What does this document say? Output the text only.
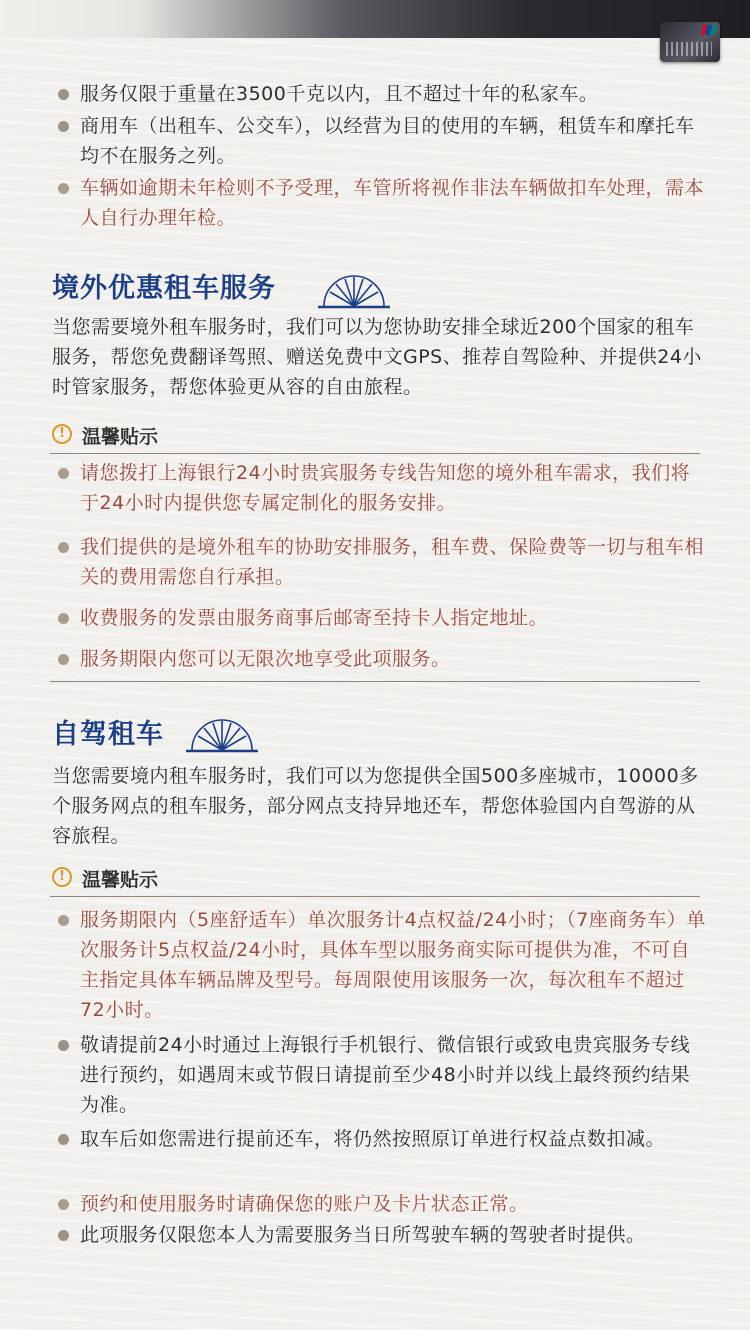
服务仅限于重量在3500千克以内，且不超过十年的私家车。
商用车（出租车、公交车），以经营为目的使用的车辆，租赁车和摩托车均不在服务之列。
车辆如逾期未年检则不予受理，车管所将视作非法车辆做扣车处理，需本人自行办理年检。
境外优惠租车服务
当您需要境外租车服务时，我们可以为您协助安排全球近200个国家的租车服务，帮您免费翻译驾照、赠送免费中文GPS、推荐自驾险种、并提供24小时管家服务，帮您体验更从容的自由旅程。
! 温馨贴示
请您拨打上海银行24小时贵宾服务专线告知您的境外租车需求，我们将于24小时内提供您专属定制化的服务安排。
我们提供的是境外租车的协助安排服务，租车费、保险费等一切与租车相关的费用需您自行承担。
收费服务的发票由服务商事后邮寄至持卡人指定地址。
服务期限内您可以无限次地享受此项服务。
自驾租车
当您需要境内租车服务时，我们可以为您提供全国500多座城市，10000多个服务网点的租车服务，部分网点支持异地还车，帮您体验国内自驾游的从容旅程。
! 温馨贴示
服务期限内（5座舒适车）单次服务计4点权益/24小时；（7座商务车）单次服务计5点权益/24小时，具体车型以服务商实际可提供为准，不可自主指定具体车辆品牌及型号。每周限使用该服务一次，每次租车不超过72小时。
敬请提前24小时通过上海银行手机银行、微信银行或致电贵宾服务专线进行预约，如遇周末或节假日请提前至少48小时并以线上最终预约结果为准。
取车后如您需进行提前还车，将仍然按照原订单进行权益点数扣减。
预约和使用服务时请确保您的账户及卡片状态正常。
此项服务仅限您本人为需要服务当日所驾驶车辆的驾驶者时提供。
